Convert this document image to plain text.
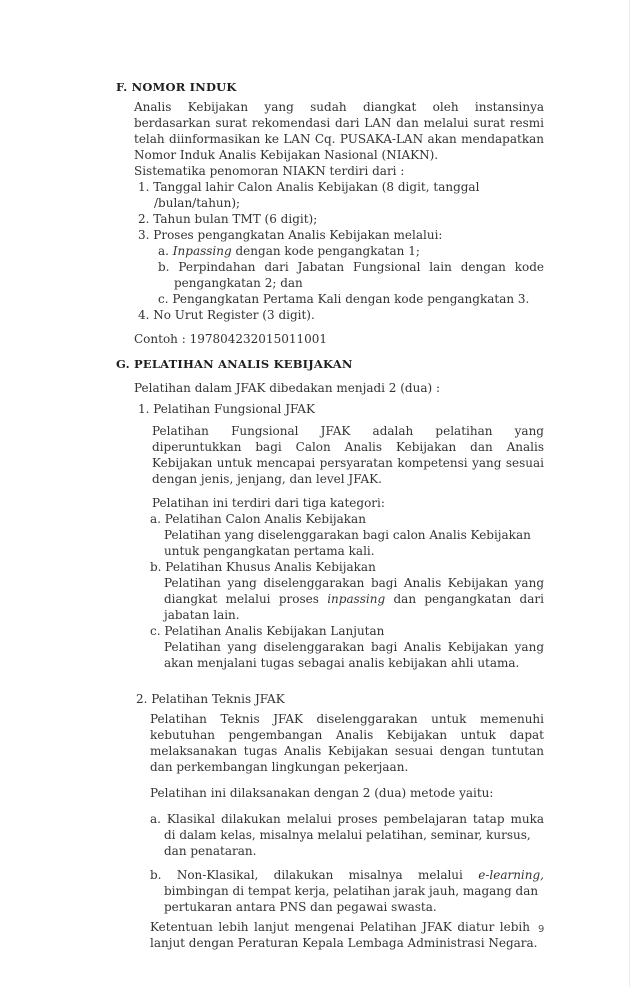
F. NOMOR INDUK
Analis Kebijakan yang sudah diangkat oleh instansinya
berdasarkan surat rekomendasi dari LAN dan melalui surat resmi
telah diinformasikan ke LAN Cq. PUSAKA-LAN akan mendapatkan
Nomor Induk Analis Kebijakan Nasional (NIAKN).
Sistematika penomoran NIAKN terdiri dari :
1. Tanggal lahir Calon Analis Kebijakan (8 digit, tanggal
/bulan/tahun);
2. Tahun bulan TMT (6 digit);
3. Proses pengangkatan Analis Kebijakan melalui:
a. Inpassing dengan kode pengangkatan 1;
b. Perpindahan dari Jabatan Fungsional lain dengan kode
pengangkatan 2; dan
c. Pengangkatan Pertama Kali dengan kode pengangkatan 3.
4. No Urut Register (3 digit).
Contoh : 197804232015011001
G. PELATIHAN ANALIS KEBIJAKAN
Pelatihan dalam JFAK dibedakan menjadi 2 (dua) :
1. Pelatihan Fungsional JFAK
Pelatihan Fungsional JFAK adalah pelatihan yang
diperuntukkan bagi Calon Analis Kebijakan dan Analis
Kebijakan untuk mencapai persyaratan kompetensi yang sesuai
dengan jenis, jenjang, dan level JFAK.
Pelatihan ini terdiri dari tiga kategori:
a. Pelatihan Calon Analis Kebijakan
Pelatihan yang diselenggarakan bagi calon Analis Kebijakan
untuk pengangkatan pertama kali.
b. Pelatihan Khusus Analis Kebijakan
Pelatihan yang diselenggarakan bagi Analis Kebijakan yang
diangkat melalui proses inpassing dan pengangkatan dari
jabatan lain.
c. Pelatihan Analis Kebijakan Lanjutan
Pelatihan yang diselenggarakan bagi Analis Kebijakan yang
akan menjalani tugas sebagai analis kebijakan ahli utama.
2. Pelatihan Teknis JFAK
Pelatihan Teknis JFAK diselenggarakan untuk memenuhi
kebutuhan pengembangan Analis Kebijakan untuk dapat
melaksanakan tugas Analis Kebijakan sesuai dengan tuntutan
dan perkembangan lingkungan pekerjaan.
Pelatihan ini dilaksanakan dengan 2 (dua) metode yaitu:
a. Klasikal dilakukan melalui proses pembelajaran tatap muka
di dalam kelas, misalnya melalui pelatihan, seminar, kursus,
dan penataran.
b. Non-Klasikal, dilakukan misalnya melalui e-learning,
bimbingan di tempat kerja, pelatihan jarak jauh, magang dan
pertukaran antara PNS dan pegawai swasta.
Ketentuan lebih lanjut mengenai Pelatihan JFAK diatur lebih
lanjut dengan Peraturan Kepala Lembaga Administrasi Negara.
9
